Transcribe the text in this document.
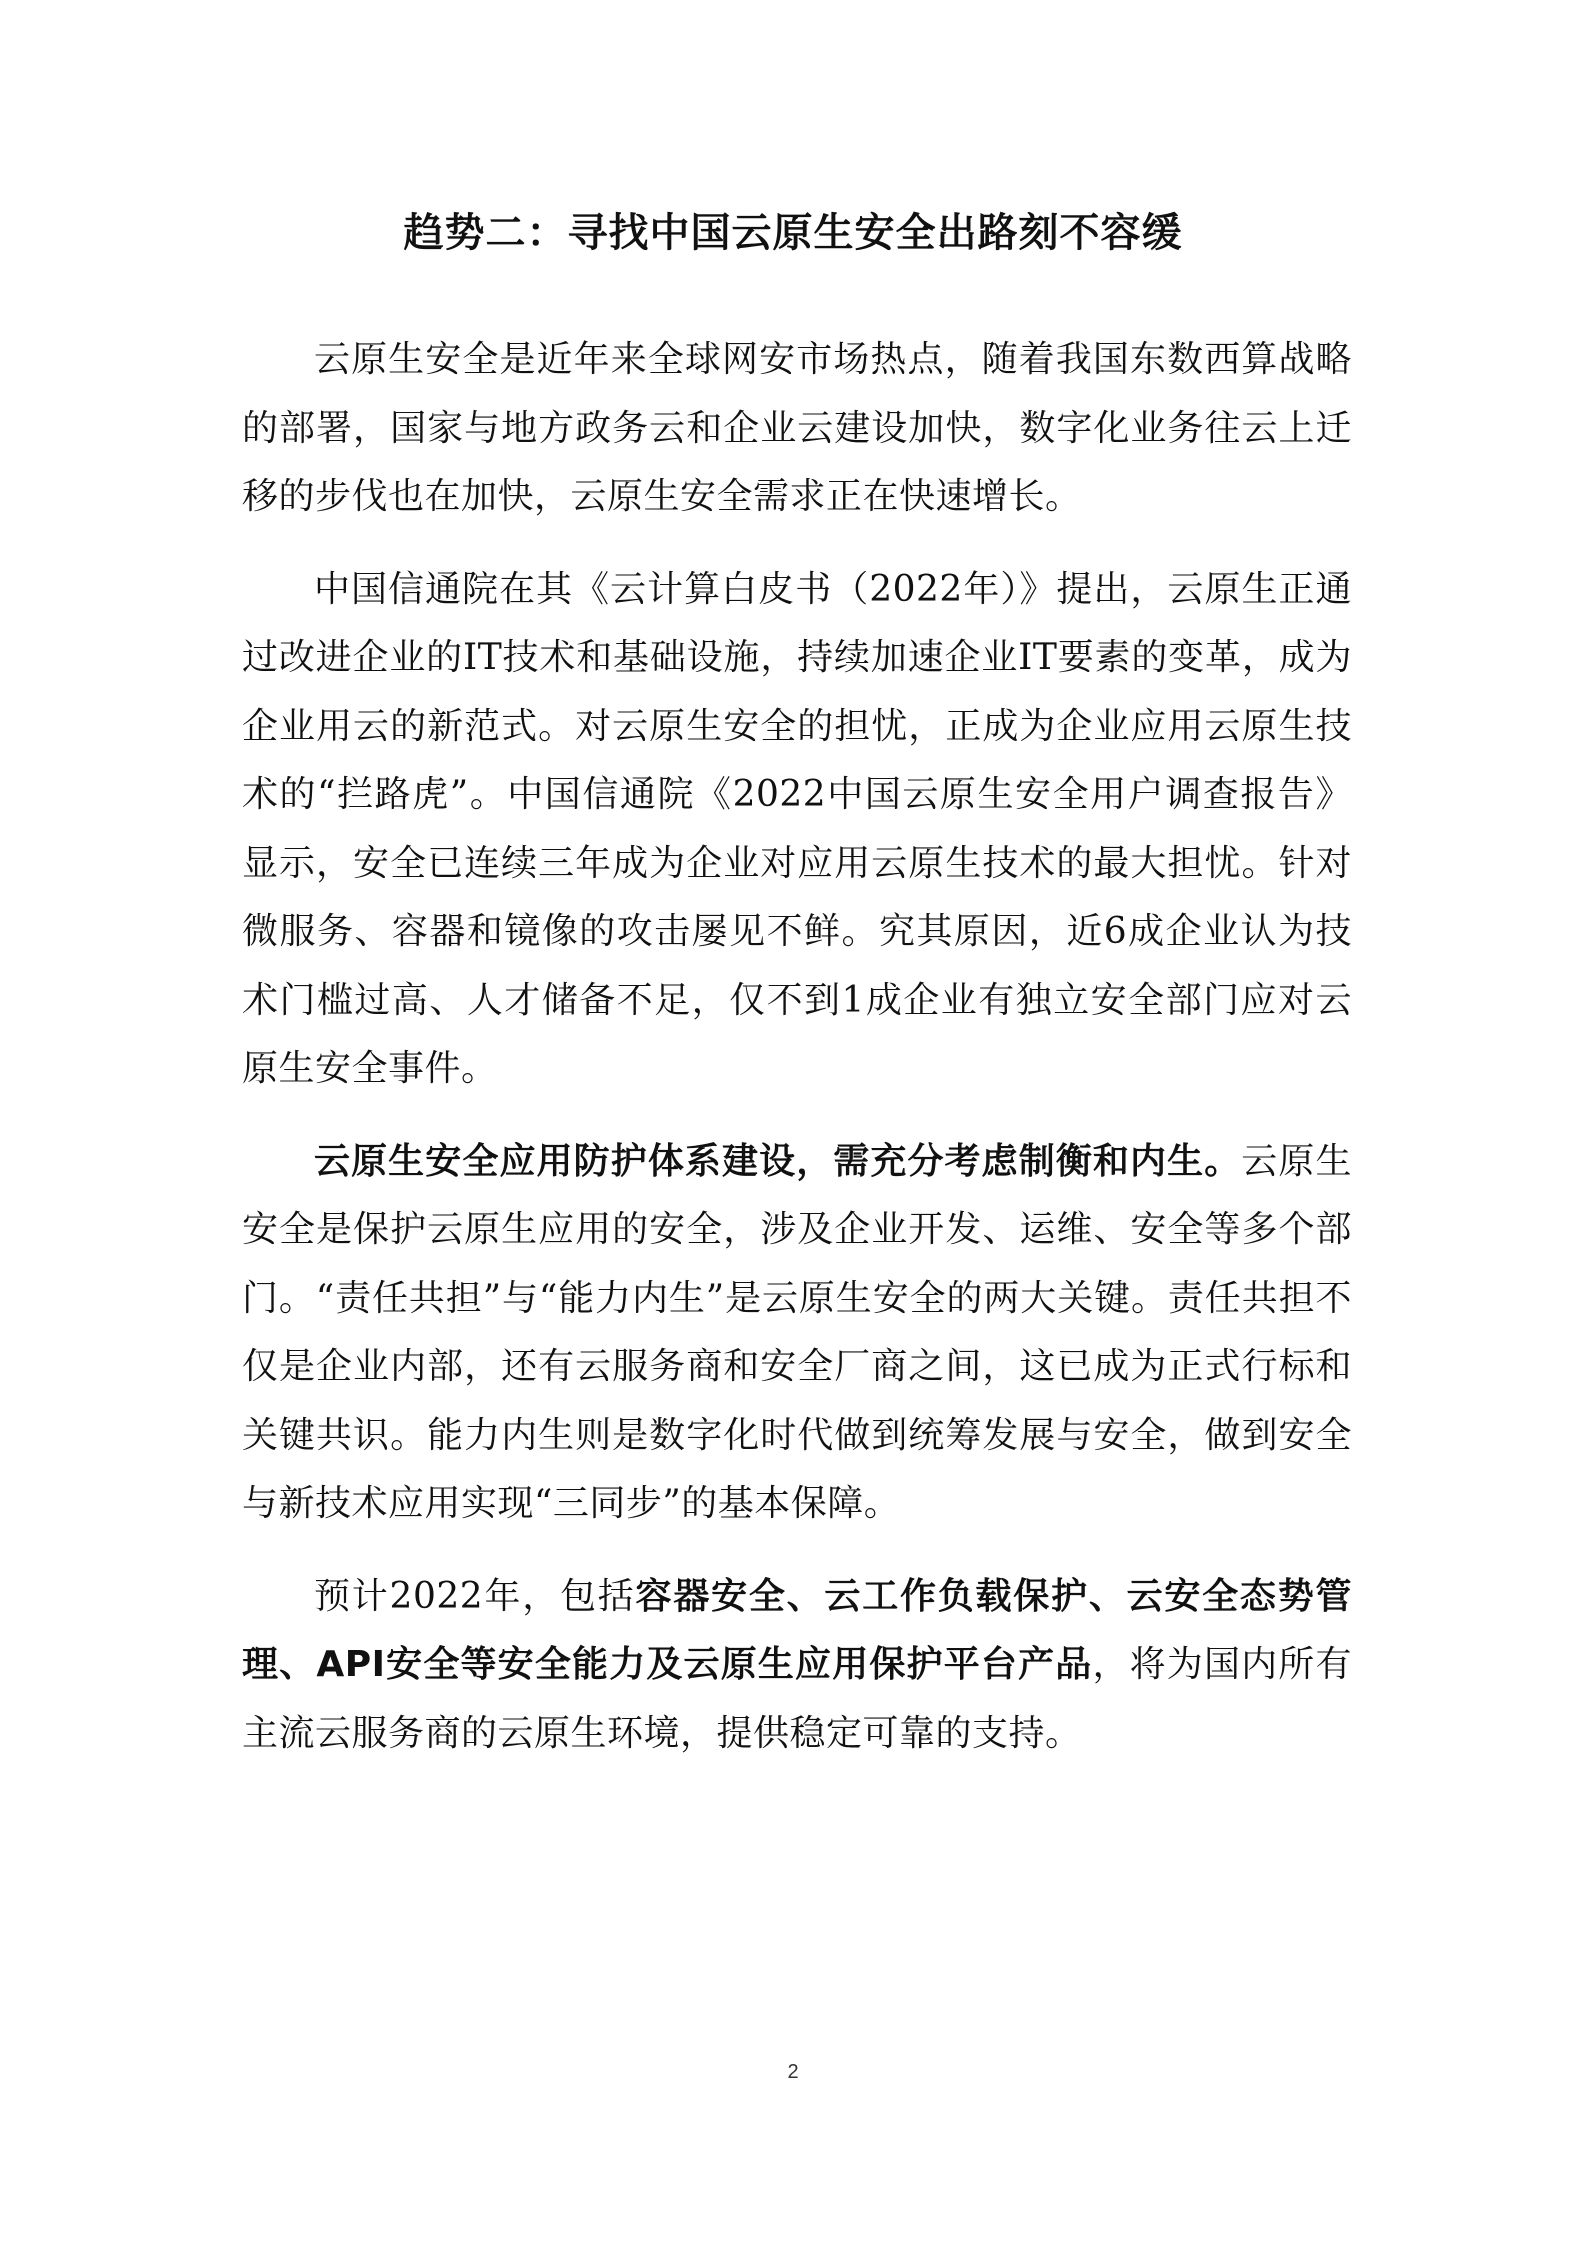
趋势二：寻找中国云原生安全出路刻不容缓

云原生安全是近年来全球网安市场热点，随着我国东数西算战略的部署，国家与地方政务云和企业云建设加快，数字化业务往云上迁移的步伐也在加快，云原生安全需求正在快速增长。

中国信通院在其《云计算白皮书（2022年）》提出，云原生正通过改进企业的IT技术和基础设施，持续加速企业IT要素的变革，成为企业用云的新范式。对云原生安全的担忧，正成为企业应用云原生技术的“拦路虎”。中国信通院《2022中国云原生安全用户调查报告》显示，安全已连续三年成为企业对应用云原生技术的最大担忧。针对微服务、容器和镜像的攻击屡见不鲜。究其原因，近6成企业认为技术门槛过高、人才储备不足，仅不到1成企业有独立安全部门应对云原生安全事件。

云原生安全应用防护体系建设，需充分考虑制衡和内生。云原生安全是保护云原生应用的安全，涉及企业开发、运维、安全等多个部门。“责任共担”与“能力内生”是云原生安全的两大关键。责任共担不仅是企业内部，还有云服务商和安全厂商之间，这已成为正式行标和关键共识。能力内生则是数字化时代做到统筹发展与安全，做到安全与新技术应用实现“三同步”的基本保障。

预计2022年，包括容器安全、云工作负载保护、云安全态势管理、API安全等安全能力及云原生应用保护平台产品，将为国内所有主流云服务商的云原生环境，提供稳定可靠的支持。

2
